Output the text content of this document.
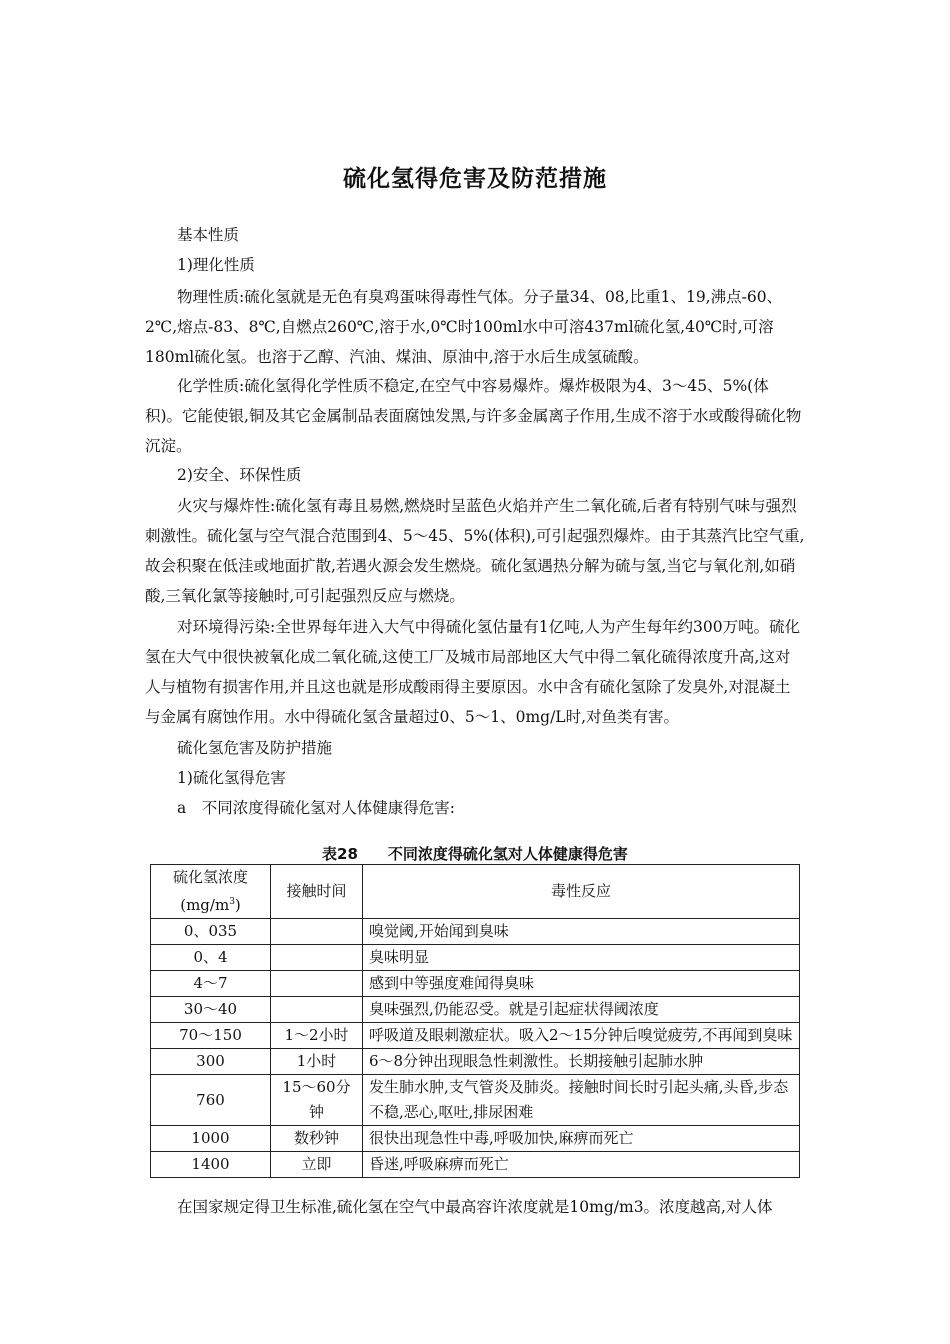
硫化氢得危害及防范措施
基本性质
1)理化性质
物理性质:硫化氢就是无色有臭鸡蛋味得毒性气体。分子量34、08,比重1、19,沸点-60、2℃,熔点-83、8℃,自燃点260℃,溶于水,0℃时100ml水中可溶437ml硫化氢,40℃时,可溶180ml硫化氢。也溶于乙醇、汽油、煤油、原油中,溶于水后生成氢硫酸。
化学性质:硫化氢得化学性质不稳定,在空气中容易爆炸。爆炸极限为4、3～45、5%(体积)。它能使银,铜及其它金属制品表面腐蚀发黑,与许多金属离子作用,生成不溶于水或酸得硫化物沉淀。
2)安全、环保性质
火灾与爆炸性:硫化氢有毒且易燃,燃烧时呈蓝色火焰并产生二氧化硫,后者有特别气味与强烈刺激性。硫化氢与空气混合范围到4、5～45、5%(体积),可引起强烈爆炸。由于其蒸汽比空气重,故会积聚在低洼或地面扩散,若遇火源会发生燃烧。硫化氢遇热分解为硫与氢,当它与氧化剂,如硝酸,三氧化氯等接触时,可引起强烈反应与燃烧。
对环境得污染:全世界每年进入大气中得硫化氢估量有1亿吨,人为产生每年约300万吨。硫化氢在大气中很快被氧化成二氧化硫,这使工厂及城市局部地区大气中得二氧化硫得浓度升高,这对人与植物有损害作用,并且这也就是形成酸雨得主要原因。水中含有硫化氢除了发臭外,对混凝土与金属有腐蚀作用。水中得硫化氢含量超过0、5～1、0mg/L时,对鱼类有害。
硫化氢危害及防护措施
1)硫化氢得危害
a　不同浓度得硫化氢对人体健康得危害:
表28　　不同浓度得硫化氢对人体健康得危害
硫化氢浓度
$(mg/m^3)$	接触时间	毒性反应
0、035		嗅觉阈,开始闻到臭味
0、4		臭味明显
4～7		感到中等强度难闻得臭味
30～40		臭味强烈,仍能忍受。就是引起症状得阈浓度
70～150	1～2小时	呼吸道及眼刺激症状。吸入2～15分钟后嗅觉疲劳,不再闻到臭味
300	1小时	6～8分钟出现眼急性刺激性。长期接触引起肺水肿
760	15～60分钟	发生肺水肿,支气管炎及肺炎。接触时间长时引起头痛,头昏,步态不稳,恶心,呕吐,排尿困难
1000	数秒钟	很快出现急性中毒,呼吸加快,麻痹而死亡
1400	立即	昏迷,呼吸麻痹而死亡
在国家规定得卫生标准,硫化氢在空气中最高容许浓度就是10mg/m3。浓度越高,对人体
